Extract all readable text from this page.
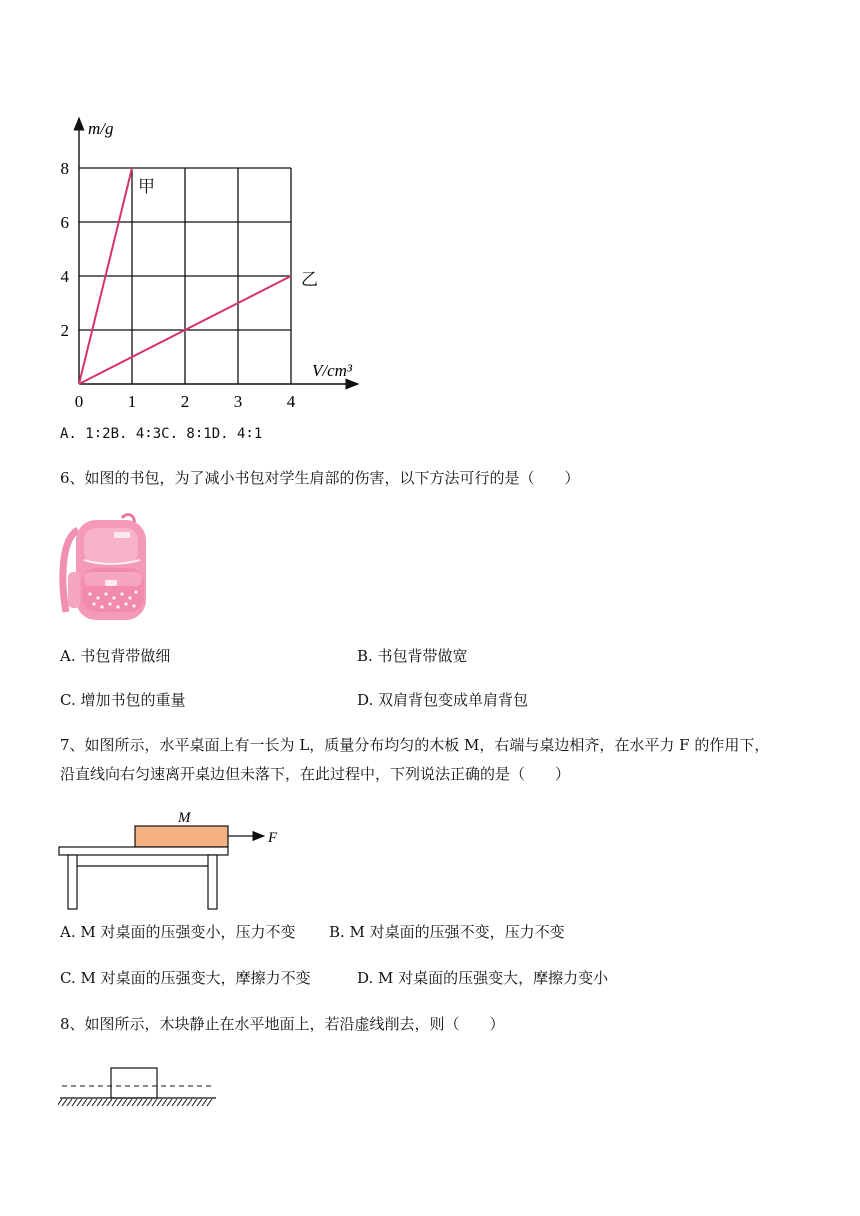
甲
乙
1	2	3	4
2
4
6
8
m/g
V/cm³
0
A. 1∶2B. 4∶3C. 8∶1D. 4∶1
6、如图的书包，为了减小书包对学生肩部的伤害，以下方法可行的是（　　）
A. 书包背带做细	B. 书包背带做宽
C. 增加书包的重量	D. 双肩背包变成单肩背包
7、如图所示，水平桌面上有一长为 L，质量分布均匀的木板 M，右端与桌边相齐，在水平力 F 的作用下，
沿直线向右匀速离开桌边但未落下，在此过程中，下列说法正确的是（　　）
M
F
A. M 对桌面的压强变小，压力不变 B. M 对桌面的压强不变，压力不变
C. M 对桌面的压强变大，摩擦力不变	D. M 对桌面的压强变大，摩擦力变小
8、如图所示，木块静止在水平地面上，若沿虚线削去，则（　　）
